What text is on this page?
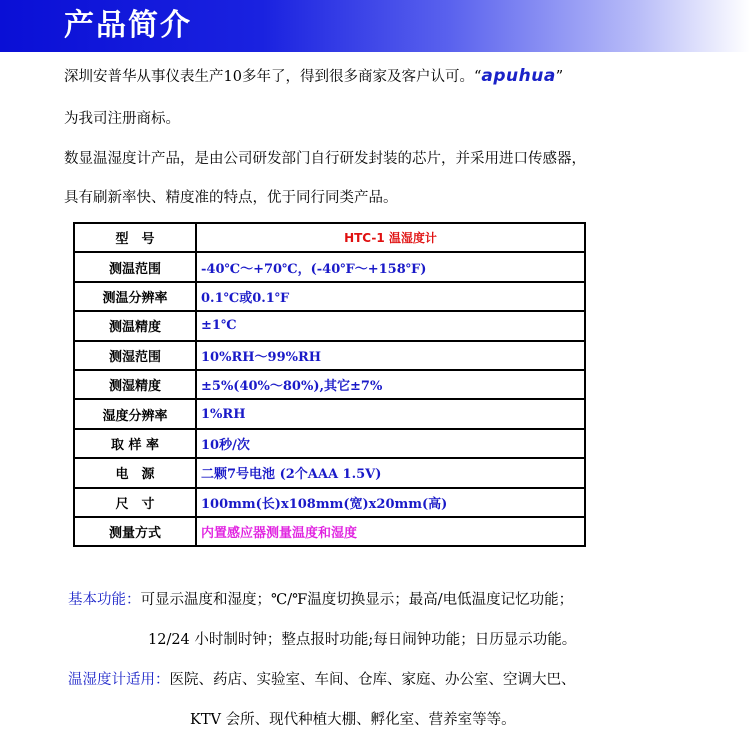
产品简介
深圳安普华从事仪表生产10多年了，得到很多商家及客户认可。“apuhua”
为我司注册商标。
数显温湿度计产品，是由公司研发部门自行研发封装的芯片，并采用进口传感器，
具有刷新率快、精度准的特点，优于同行同类产品。
型　号	HTC-1 温湿度计
测温范围	-40℃～+70℃，(-40℉～+158℉)
测温分辨率	0.1℃或0.1℉
测温精度	±1℃
测湿范围	10%RH～99%RH
测湿精度	±5%(40%～80%),其它±7%
湿度分辨率	1%RH
取 样 率	10秒/次
电　源	二颗7号电池 (2个AAA 1.5V)
尺　寸	100mm(长)x108mm(宽)x20mm(高)
测量方式	内置感应器测量温度和湿度
基本功能：可显示温度和湿度；℃/℉温度切换显示；最高/电低温度记忆功能；
12/24 小时制时钟；整点报时功能;每日闹钟功能；日历显示功能。
温湿度计适用：医院、药店、实验室、车间、仓库、家庭、办公室、空调大巴、
KTV 会所、现代种植大棚、孵化室、营养室等等。
